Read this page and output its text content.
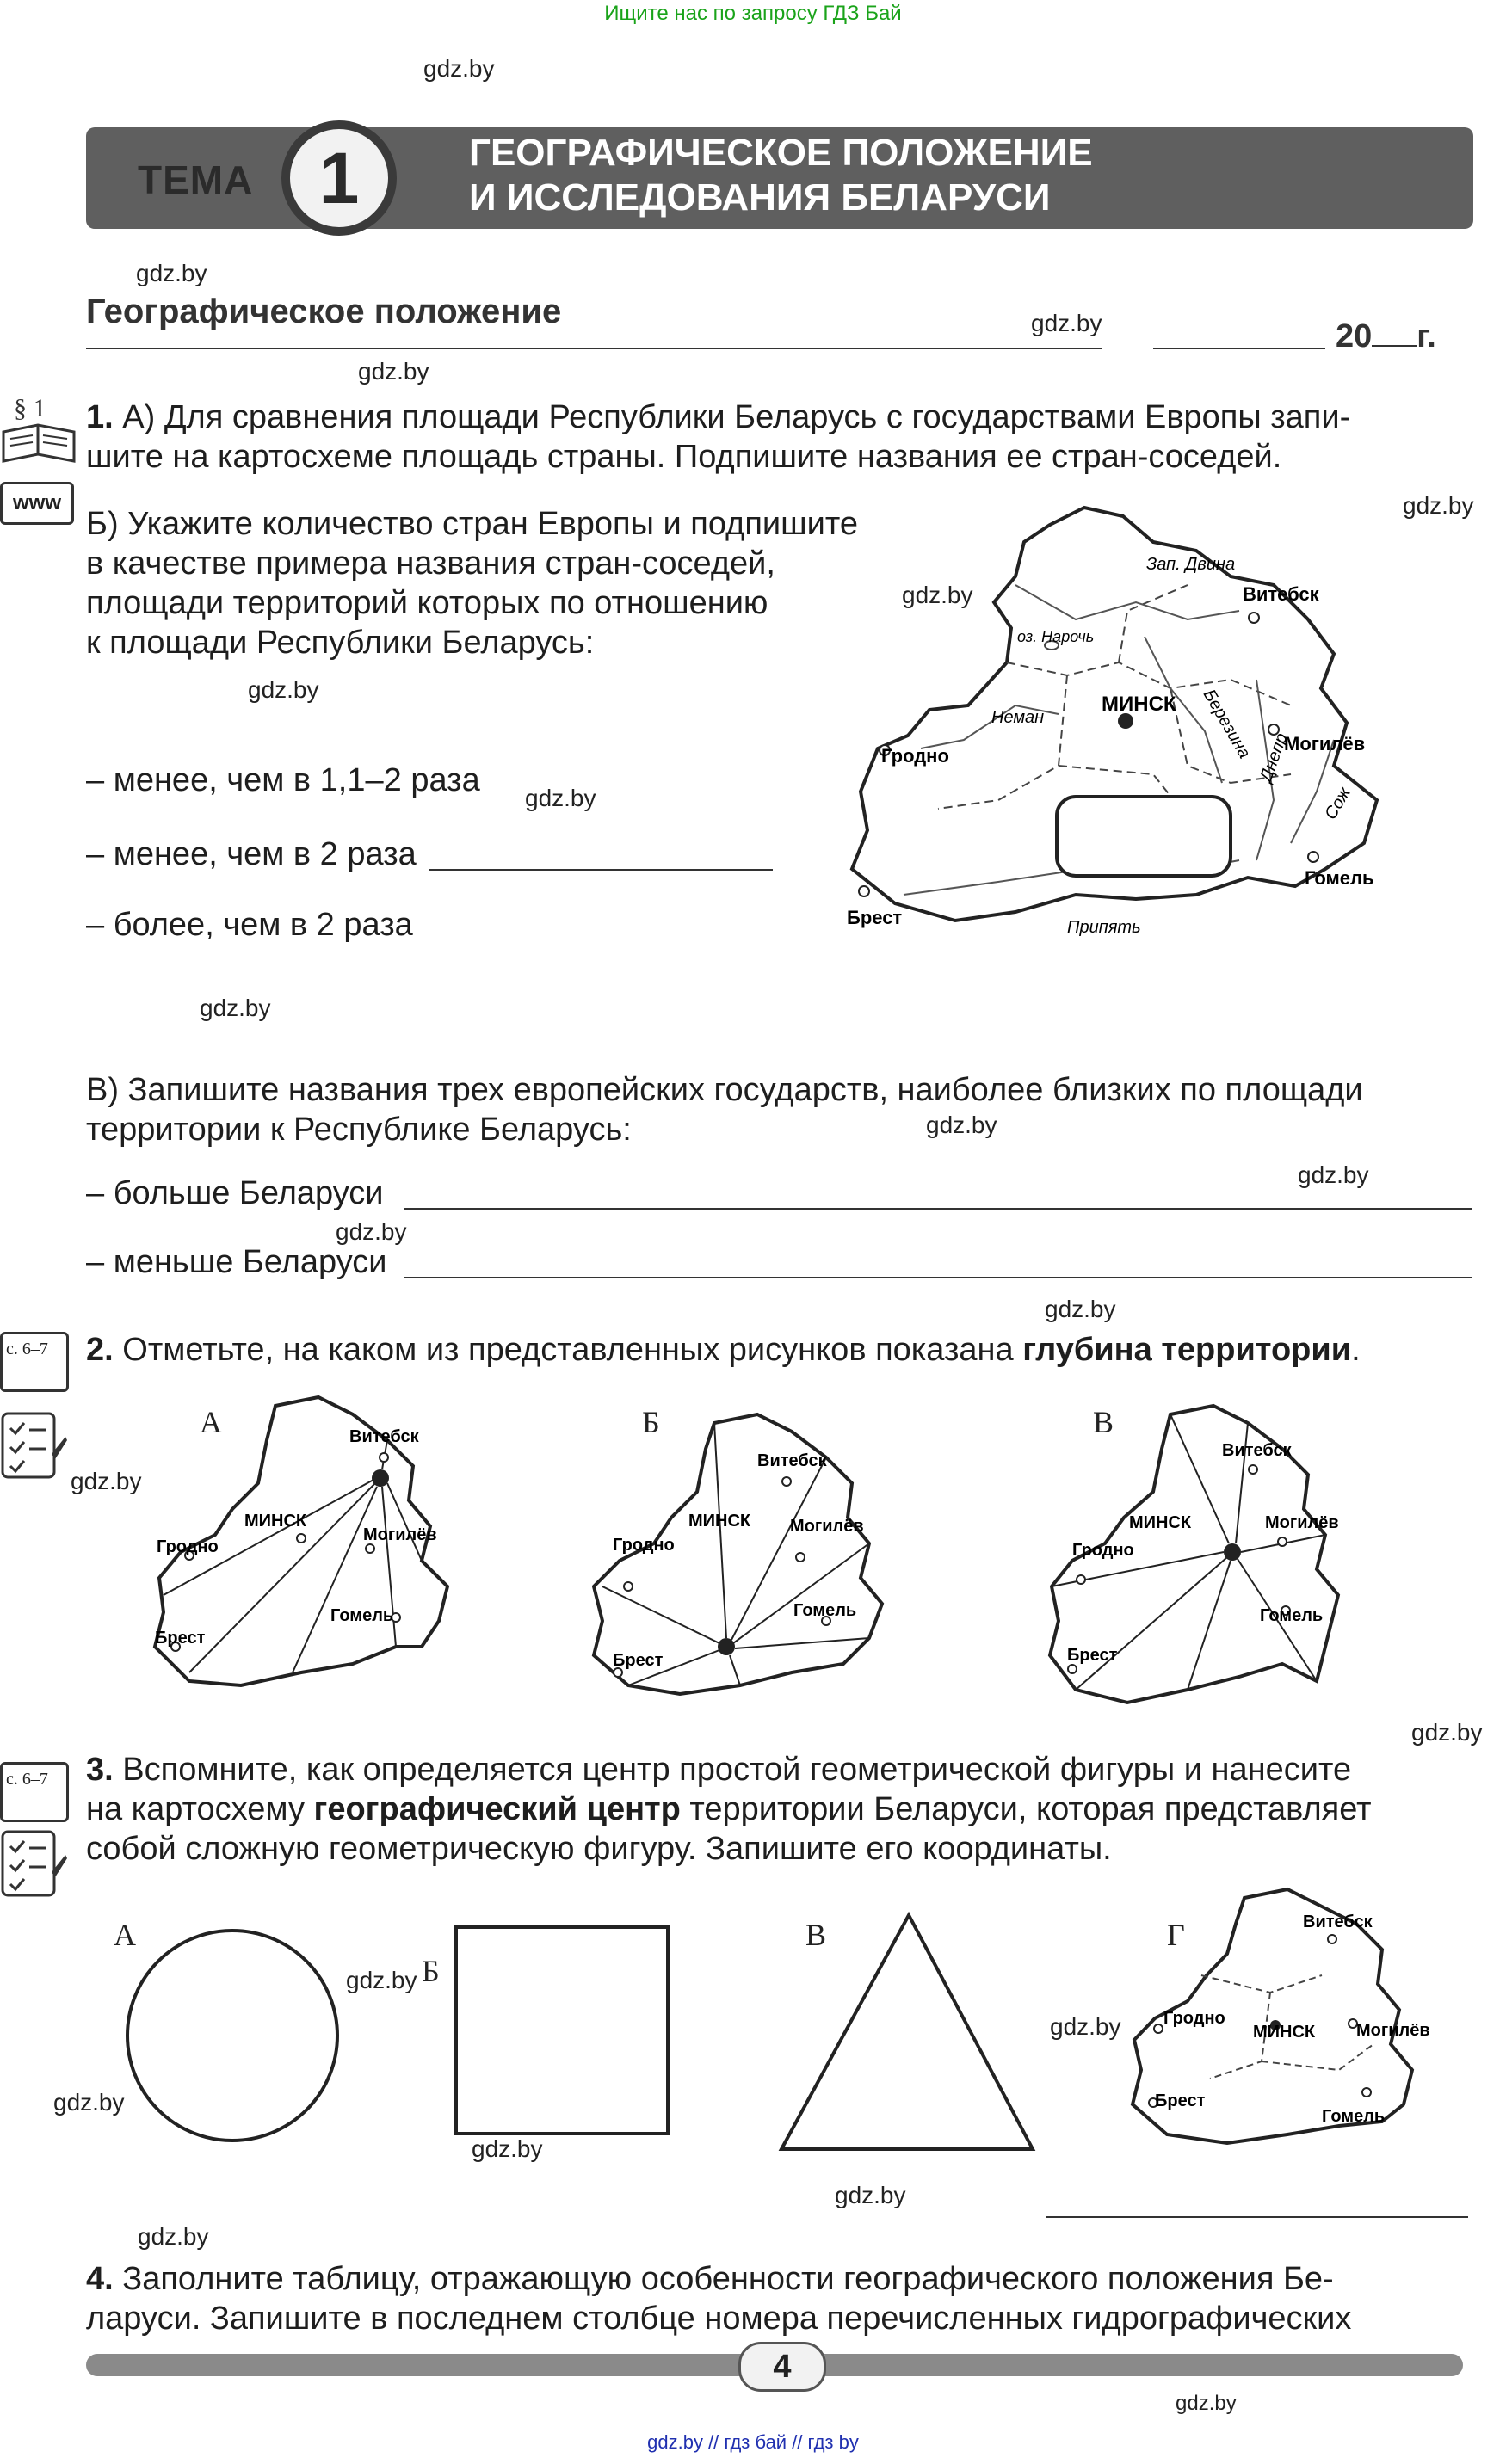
Ищите нас по запросу ГДЗ Бай
gdz.by
gdz.by
gdz.by
gdz.by
gdz.by
gdz.by
gdz.by
gdz.by
gdz.by
gdz.by
gdz.by
gdz.by
gdz.by
gdz.by
gdz.by
gdz.by
gdz.by
gdz.by
gdz.by
gdz.by
gdz.by
gdz.by
ТЕМА 1	ГЕОГРАФИЧЕСКОЕ ПОЛОЖЕНИЕ
И ИССЛЕДОВАНИЯ БЕЛАРУСИ
Географическое положение
20 г.
§ 1
www
с. 6–7
с. 6–7
1. А) Для сравнения площади Республики Беларусь с государствами Европы запи-
шите на картосхеме площадь страны. Подпишите названия ее стран-соседей.
Б) Укажите количество стран Европы и подпишите
в качестве примера названия стран-соседей,
площади территорий которых по отношению
к площади Республики Беларусь:
– менее, чем в 1,1–2 раза
– менее, чем в 2 раза
– более, чем в 2 раза
Витебск
МИНСК
Гродно
Могилёв
Гомель
Брест
Зап. Двина
оз. Нарочь
Неман	Березина Днепр
Сож
Припять
В) Запишите названия трех европейских государств, наиболее близких по площади
территории к Республике Беларусь:
– больше Беларуси
– меньше Беларуси
2. Отметьте, на каком из представленных рисунков показана глубина территории.
А	Б	В
Витебск
МИНСК
Гродно
Могилёв
Гомель
Брест
Витебск
МИНСК
Гродно
Могилёв
Гомель
Брест
Витебск
МИНСК
Гродно
Могилёв
Гомель
Брест
3. Вспомните, как определяется центр простой геометрической фигуры и нанесите
на картосхему географический центр территории Беларуси, которая представляет
собой сложную геометрическую фигуру. Запишите его координаты.
А
Б
В	Г	Витебск
МИНСК
Гродно
Могилёв
Гомель
Брест
4. Заполните таблицу, отражающую особенности географического положения Бе-
ларуси. Запишите в последнем столбце номера перечисленных гидрографических
4
gdz.by // гдз бай // гдз by
